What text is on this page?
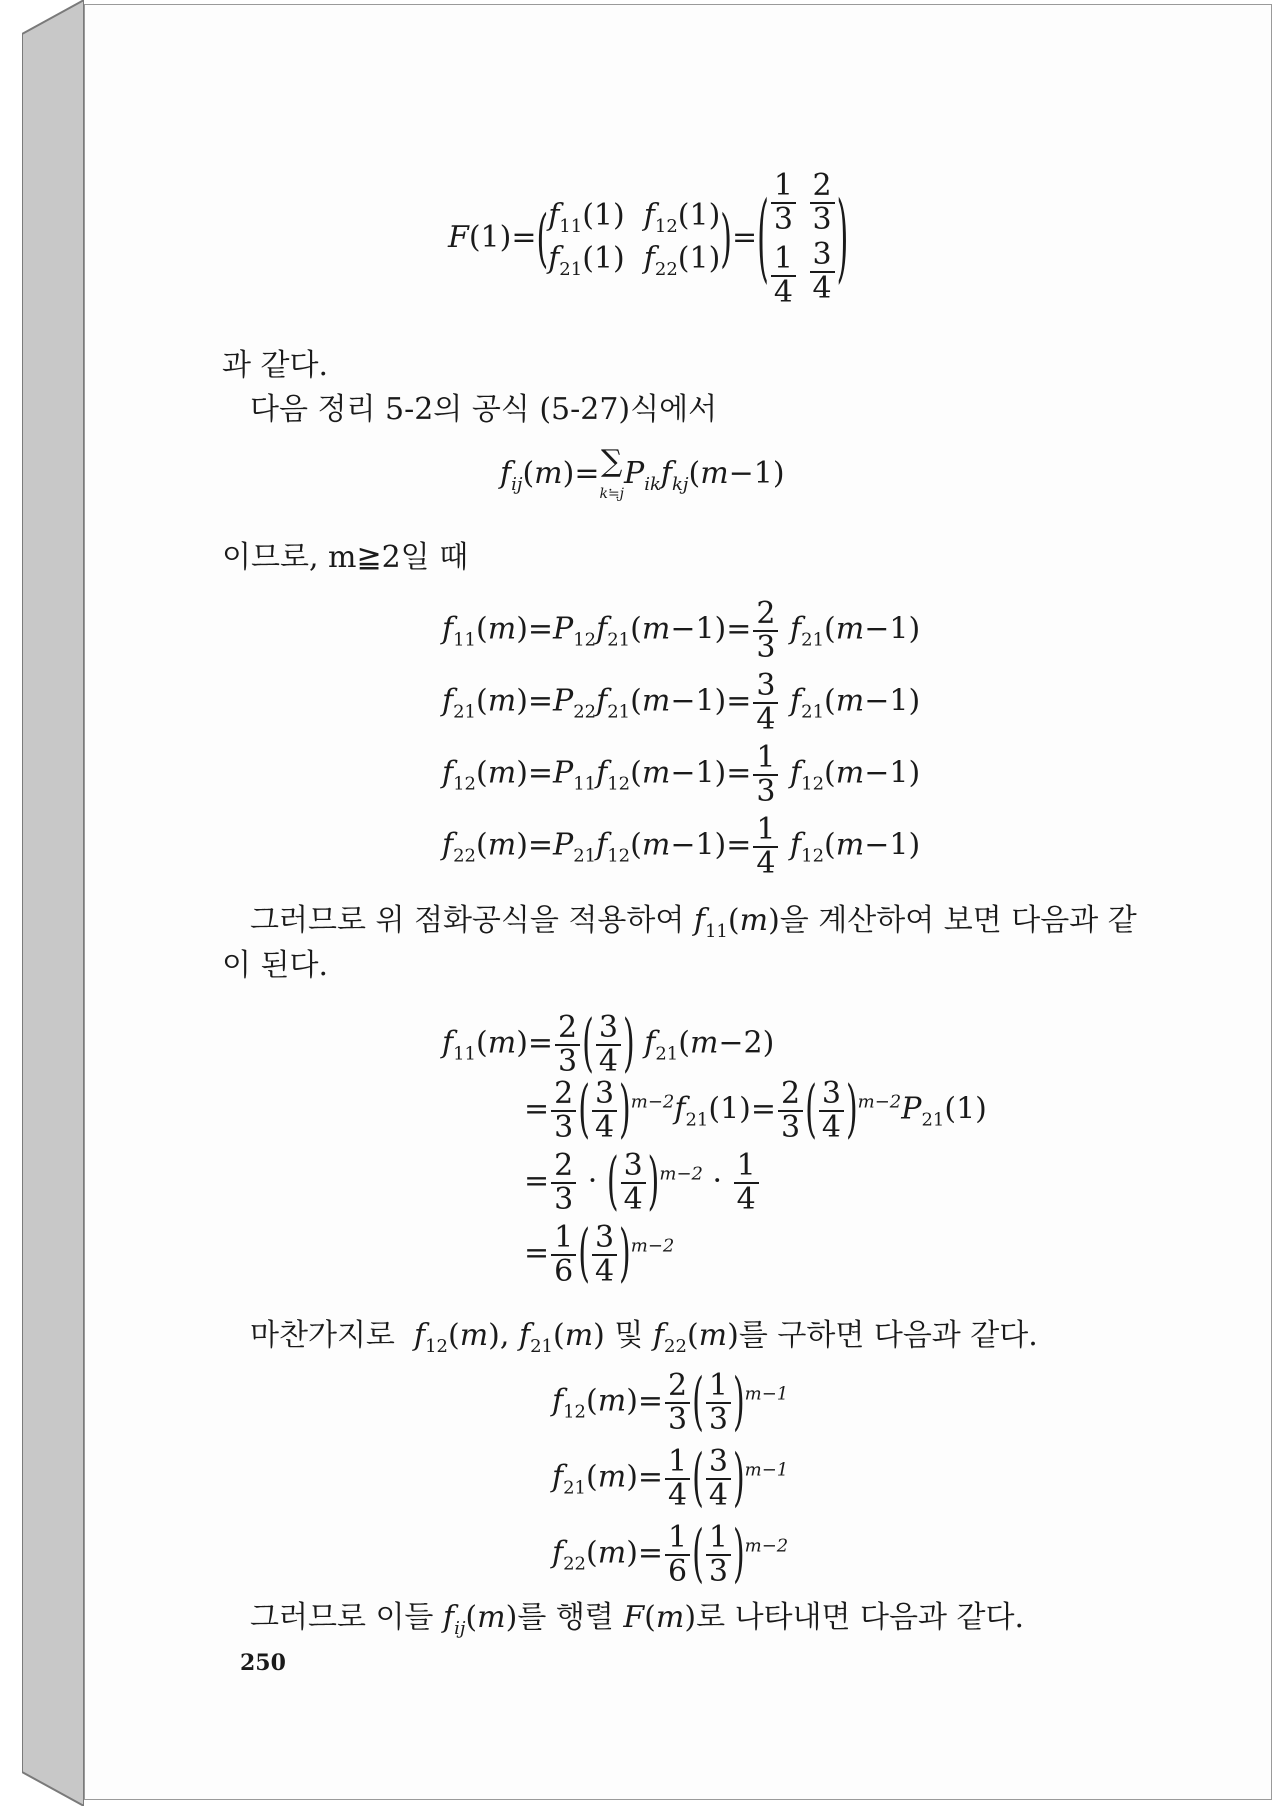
$F(1)=(f_{11}(1)$  $f_{12}(1)$
$f_{21}(1)$  $f_{22}(1))=( \frac{1}{3}$
$\frac{2}{3}$

$\frac{1}{4}$
$\frac{3}{4}$ )
과 같다.
다음 정리 5-2의 공식 (5-27)식에서
$f_{ij}(m)=\sum$
$k≒jP_{ik}f_{kj}(m-1)$
이므로, m≧2일 때
$f_{11}(m)=P_{12}f_{21}(m-1)= \frac{2}{3} f_{21}(m-1)$
$f_{21}(m)=P_{22}f_{21}(m-1)= \frac{3}{4} f_{21}(m-1)$
$f_{12}(m)=P_{11}f_{12}(m-1)= \frac{1}{3} f_{12}(m-1)$
$f_{22}(m)=P_{21}f_{12}(m-1)= \frac{1}{4} f_{12}(m-1)$
그러므로 위 점화공식을 적용하여 $f_{11}(m)$을 계산하여 보면 다음과 같
이 된다.
$f_{11}(m)= \frac{2}{3}$ ( $\frac{3}{4}$ ) $f_{21}(m-2)$
= $\frac{2}{3}$ ( $\frac{3}{4} )^{m-2}f_{21}(1)= \frac{2}{3}$ ( $\frac{3}{4} )^{m-2}P_{21}(1)$
= $\frac{2}{3}$ · ( $\frac{3}{4} )^{m-2} \cdot \frac{1}{4}$
= $\frac{1}{6}$ ( $\frac{3}{4} )^{m-2}$
마찬가지로 $f_{12}(m)$, $f_{21}(m)$ 및 $f_{22}(m)$를 구하면 다음과 같다.
$f_{12}(m)= \frac{2}{3}$ ( $\frac{1}{3} )^{m-1}$
$f_{21}(m)= \frac{1}{4}$ ( $\frac{3}{4} )^{m-1}$
$f_{22}(m)= \frac{1}{6}$ ( $\frac{1}{3} )^{m-2}$
그러므로 이들 $f_{ij}(m)$를 행렬 F(m)로 나타내면 다음과 같다.
250
